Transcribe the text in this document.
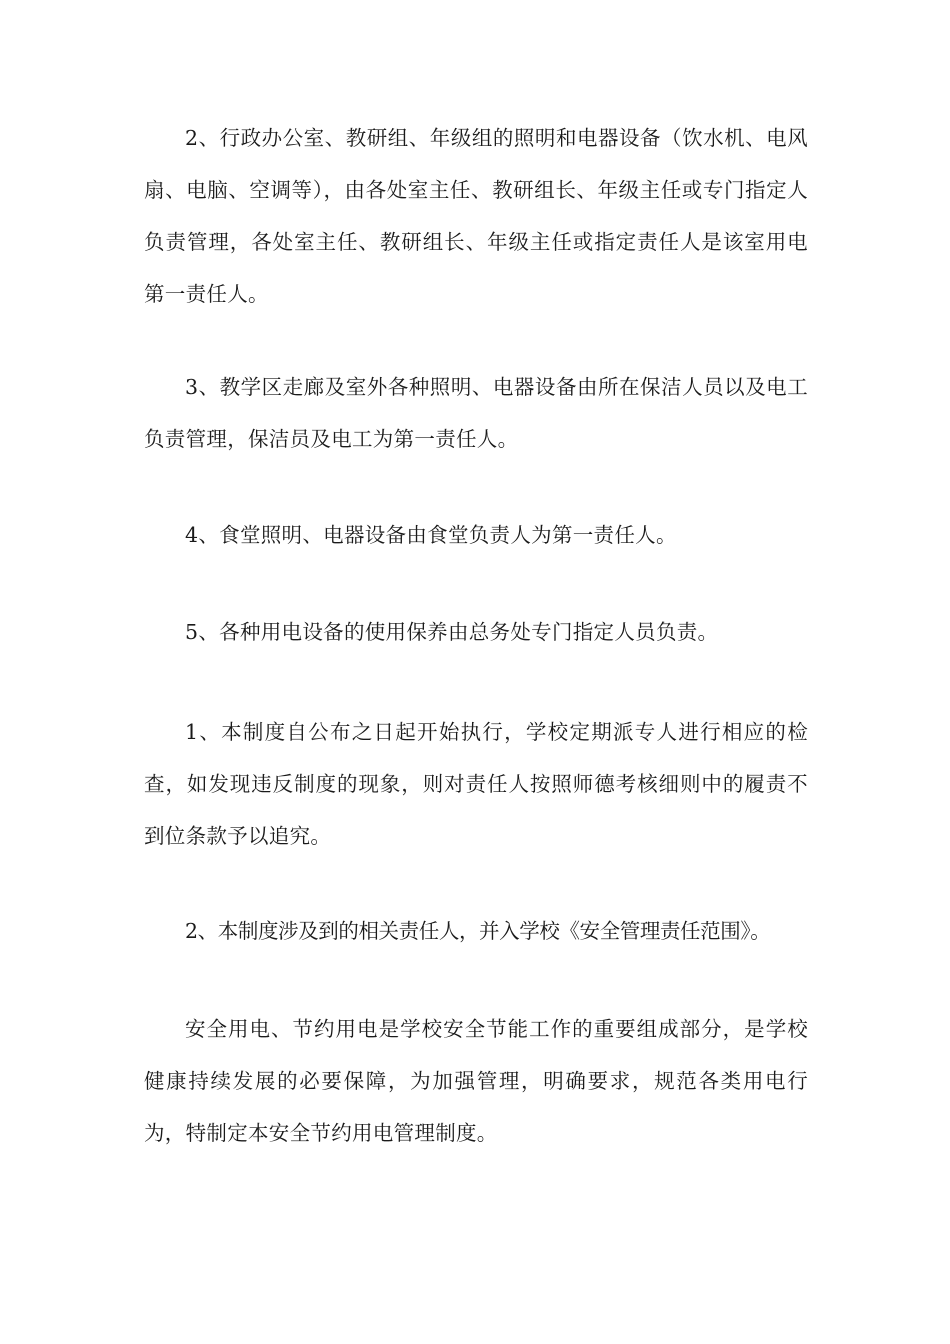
2、行政办公室、教研组、年级组的照明和电器设备（饮水机、电风扇、电脑、空调等），由各处室主任、教研组长、年级主任或专门指定人负责管理，各处室主任、教研组长、年级主任或指定责任人是该室用电第一责任人。

3、教学区走廊及室外各种照明、电器设备由所在保洁人员以及电工负责管理，保洁员及电工为第一责任人。

4、食堂照明、电器设备由食堂负责人为第一责任人。

5、各种用电设备的使用保养由总务处专门指定人员负责。

1、本制度自公布之日起开始执行，学校定期派专人进行相应的检查，如发现违反制度的现象，则对责任人按照师德考核细则中的履责不到位条款予以追究。

2、本制度涉及到的相关责任人，并入学校《安全管理责任范围》。

安全用电、节约用电是学校安全节能工作的重要组成部分，是学校健康持续发展的必要保障，为加强管理，明确要求，规范各类用电行为，特制定本安全节约用电管理制度。
